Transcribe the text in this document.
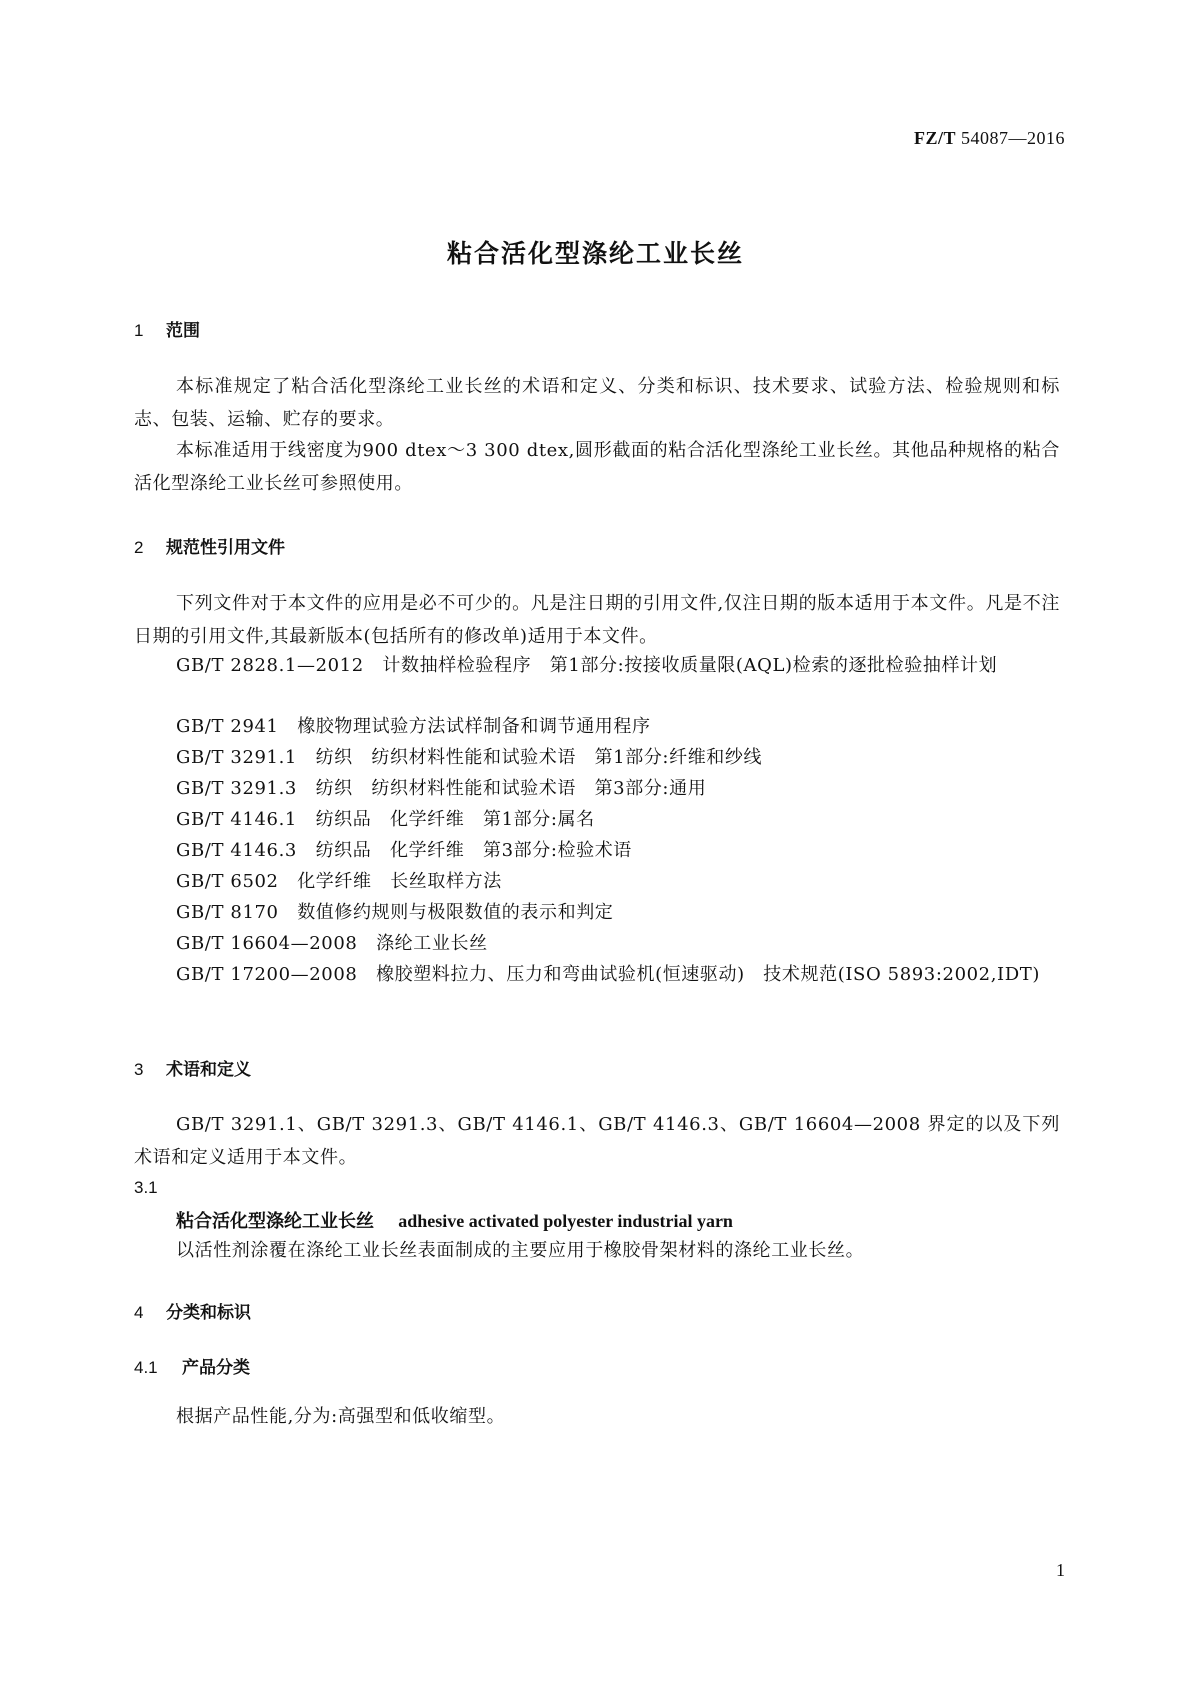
FZ/T 54087—2016
粘合活化型涤纶工业长丝
1 范围

本标准规定了粘合活化型涤纶工业长丝的术语和定义、分类和标识、技术要求、试验方法、检验规则和标志、包装、运输、贮存的要求。

本标准适用于线密度为900 dtex～3 300 dtex,圆形截面的粘合活化型涤纶工业长丝。其他品种规格的粘合活化型涤纶工业长丝可参照使用。

2 规范性引用文件

下列文件对于本文件的应用是必不可少的。凡是注日期的引用文件,仅注日期的版本适用于本文件。凡是不注日期的引用文件,其最新版本(包括所有的修改单)适用于本文件。

GB/T 2828.1—2012　计数抽样检验程序　第1部分:按接收质量限(AQL)检索的逐批检验抽样计划

GB/T 2941　橡胶物理试验方法试样制备和调节通用程序

GB/T 3291.1　纺织　纺织材料性能和试验术语　第1部分:纤维和纱线

GB/T 3291.3　纺织　纺织材料性能和试验术语　第3部分:通用

GB/T 4146.1　纺织品　化学纤维　第1部分:属名

GB/T 4146.3　纺织品　化学纤维　第3部分:检验术语

GB/T 6502　化学纤维　长丝取样方法

GB/T 8170　数值修约规则与极限数值的表示和判定

GB/T 16604—2008　涤纶工业长丝

GB/T 17200—2008　橡胶塑料拉力、压力和弯曲试验机(恒速驱动)　技术规范(ISO 5893:2002,IDT)

3 术语和定义

GB/T 3291.1、GB/T 3291.3、GB/T 4146.1、GB/T 4146.3、GB/T 16604—2008 界定的以及下列术语和定义适用于本文件。

3.1
粘合活化型涤纶工业长丝　 adhesive activated polyester industrial yarn

以活性剂涂覆在涤纶工业长丝表面制成的主要应用于橡胶骨架材料的涤纶工业长丝。

4 分类和标识
4.1 产品分类

根据产品性能,分为:高强型和低收缩型。

1
